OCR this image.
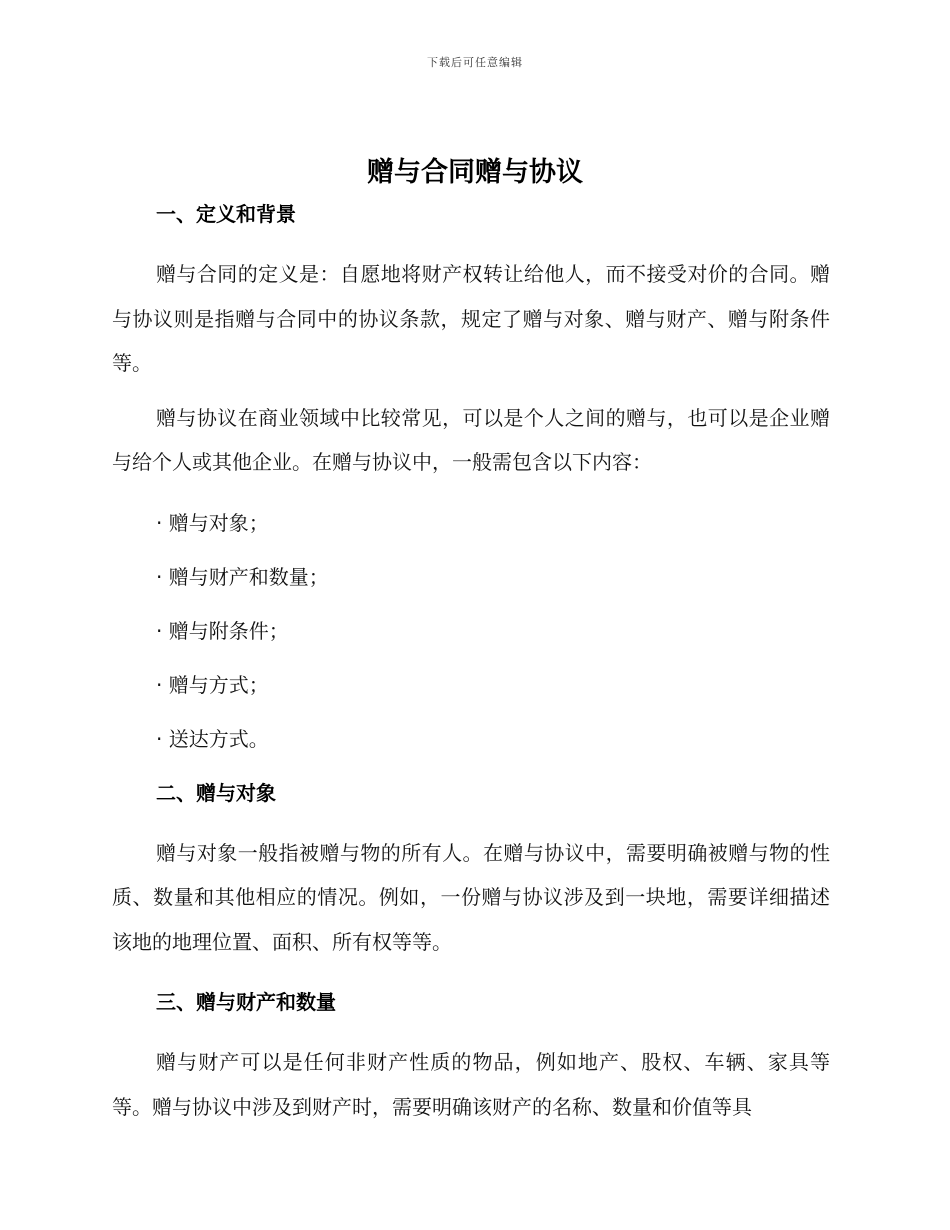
下载后可任意编辑
赠与合同赠与协议

一、定义和背景

赠与合同的定义是：自愿地将财产权转让给他人，而不接受对价的合同。赠与协议则是指赠与合同中的协议条款，规定了赠与对象、赠与财产、赠与附条件等。

赠与协议在商业领域中比较常见，可以是个人之间的赠与，也可以是企业赠与给个人或其他企业。在赠与协议中，一般需包含以下内容：

· 赠与对象；

· 赠与财产和数量；

· 赠与附条件；

· 赠与方式；

· 送达方式。

二、赠与对象

赠与对象一般指被赠与物的所有人。在赠与协议中，需要明确被赠与物的性质、数量和其他相应的情况。例如，一份赠与协议涉及到一块地，需要详细描述该地的地理位置、面积、所有权等等。

三、赠与财产和数量

赠与财产可以是任何非财产性质的物品，例如地产、股权、车辆、家具等等。赠与协议中涉及到财产时，需要明确该财产的名称、数量和价值等具
